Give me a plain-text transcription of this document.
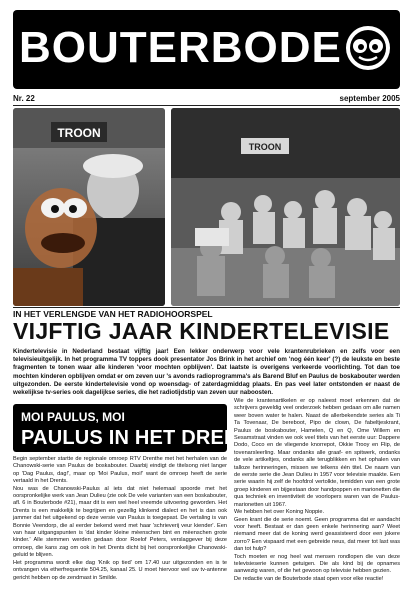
BOUTERBODE
Nr. 22	september 2005
TROON
TROON
IN HET VERLENGDE VAN HET RADIOHOORSPEL
VIJFTIG JAAR KINDERTELEVISIE
Kindertelevisie in Nederland bestaat vijftig jaar! Een lekker onderwerp voor vele krantenrubrieken en zelfs voor een televisieuitgelijk. In het programma TV toppers dook presentator Jos Brink in het archief om 'nog één keer' (?) de leukste en beste fragmenten te tonen waar alle kinderen 'voor mochten opblijven'. Dat laatste is overigens verkeerde voorlichting. Tot dan toe mochten kinderen opblijven omdat er om zeven uur 's avonds radioprogramma's als Barend Bluf en Paulus de boskabouter werden uitgezonden. De eerste kindertelevisie vond op woensdag- of zaterdagmiddag plaats. En pas veel later ontstonden er naast de wekelijkse tv-series ook dagelijkse series, die het radiotijdstip van zeven uur naboosten.
MOI PAULUS, MOI
PAULUS IN HET DRENTS

Begin september startte de regionale omroep RTV Drenthe met het herhalen van de Chanowski-serie van Paulus de boskabouter. Daarbij eindigt de titelsong niet langer op 'Dag Paulus, dag!', maar op 'Moi Paulus, moi!' want de omroep heeft de serie vertaald in het Drents.

Nou was de Chanowski-Paulus al iets dat niet helemaal spoorde met het oorspronkelijke werk van Jean Dulieu (zie ook De vele varianten van een boskabouter, afl. 6 in Bouterbode #21), maar dit is een wel heel vreemde uitvoering geworden. Het Drents is een makkelijk te begrijpen en gezellig klinkend dialect en het is dan ook jammer dat het uitgekend op deze versie van Paulus is toegepast. De vertaling is van Bonnie Veendorp, die al eerder bekend werd met haar 'schrieverij veur kiender'. Een van haar uitgangspunten is 'dat kinder kleine mèenschen bint en mèenschen grote kinder.' Alle stemmen werden gedaan door Roelof Peters, verslaggever bij deze omroep, die kans zag om ook in het Drents dicht bij het oorspronkelijke Chanowski-geluid te blijven.

Het programma wordt elke dag 'Knik op tied' om 17.40 uur uitgezonden en is te ontvangen via etherfrequentie 504.25, kanaal 25. U moet hiervoor wel uw tv-antenne gericht hebben op de zendmast in Smilde.

Wie de krantenartikelen er op naleest moet erkennen dat de schrijvers geweldig veel onderzoek hebben gedaan om alle namen weer boven water te halen. Naast de allerbekendste series als Ti Ta Tovenaar, De bereboot, Pipo de clown, De fabeltjeskrant, Paulus de boskabouter, Hamelen, Q en Q, Ome Willem en Sesamstraat vinden we ook veel titels van het eerste uur: Dappere Dodo, Coco en de vliegende knorrepot, Okkie Trooy en Flip, de tovenarsleerling. Maar ondanks alle graaf- en spitwerk, ondanks de vele artikeltjes, ondanks alle terugblikken en het ophalen van talloze herinneringen, missen we telkens één titel. De naam van de eerste serie die Jean Dulieu in 1957 voor televisie maakte. Een serie waarin hij zelf de hoofdrol vertolkte, temidden van een grote groep kinderen en bijgestaan door handpoppen en marionetten die qua techniek en inventiviteit de voorlopers waren van de Paulus-marionetten uit 1967.

We hebben het over Koning Noppie.

Geen krant die de serie noemt. Geen programma dat er aandacht voor heeft. Bestaat er dan geen enkele herinnering aan? Weet niemand meer dat de koning werd geassisteerd door een jokere zorro? Een vispaard met een gebreide neus, dat meer tot last was dan tot hulp?

Toch moeten er nog heel wat mensen rondlopen die van deze televisieserie kunnen getuigen. Die als kind bij de opnames aanwezig waren, of die het gewoon op televisie hebben gezien.

De redactie van de Bouterbode staat open voor elke reactie!
